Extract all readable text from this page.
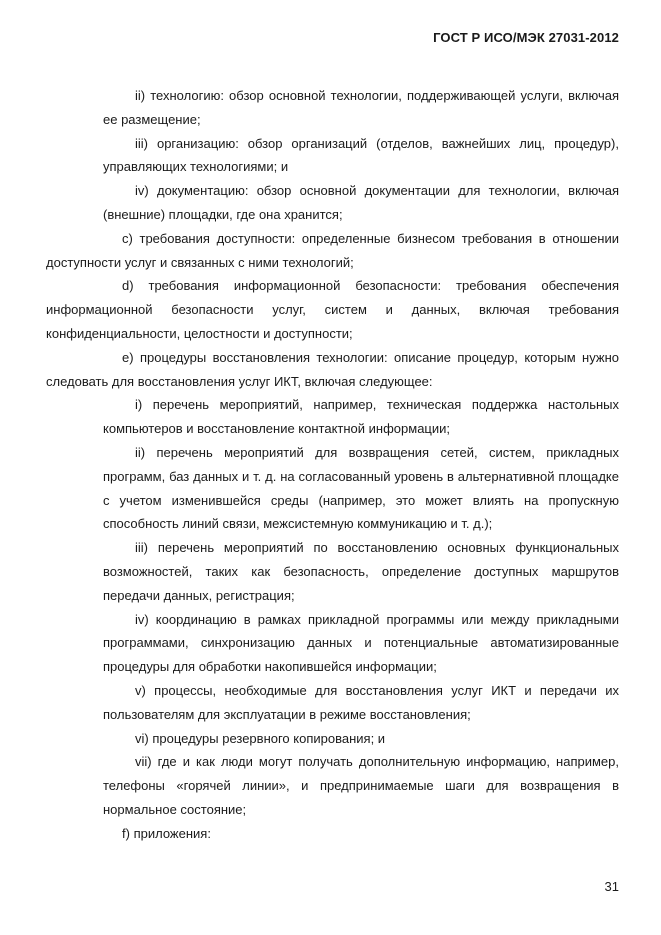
ГОСТ Р ИСО/МЭК 27031-2012

ii) технологию: обзор основной технологии, поддерживающей услуги, включая ее размещение;

iii) организацию: обзор организаций (отделов, важнейших лиц, процедур), управляющих технологиями; и

iv) документацию: обзор основной документации для технологии, включая (внешние) площадки, где она хранится;

c) требования доступности: определенные бизнесом требования в отношении доступности услуг и связанных с ними технологий;

d) требования информационной безопасности: требования обеспечения информационной безопасности услуг, систем и данных, включая требования конфиденциальности, целостности и доступности;

e) процедуры восстановления технологии: описание процедур, которым нужно следовать для восстановления услуг ИКТ, включая следующее:

i) перечень мероприятий, например, техническая поддержка настольных компьютеров и восстановление контактной информации;

ii) перечень мероприятий для возвращения сетей, систем, прикладных программ, баз данных и т. д. на согласованный уровень в альтернативной площадке с учетом изменившейся среды (например, это может влиять на пропускную способность линий связи, межсистемную коммуникацию и т. д.);

iii) перечень мероприятий по восстановлению основных функциональных возможностей, таких как безопасность, определение доступных маршрутов передачи данных, регистрация;

iv) координацию в рамках прикладной программы или между прикладными программами, синхронизацию данных и потенциальные автоматизированные процедуры для обработки накопившейся информации;

v) процессы, необходимые для восстановления услуг ИКТ и передачи их пользователям для эксплуатации в режиме восстановления;

vi) процедуры резервного копирования; и

vii) где и как люди могут получать дополнительную информацию, например, телефоны «горячей линии», и предпринимаемые шаги для возвращения в нормальное состояние;

f) приложения:

31
